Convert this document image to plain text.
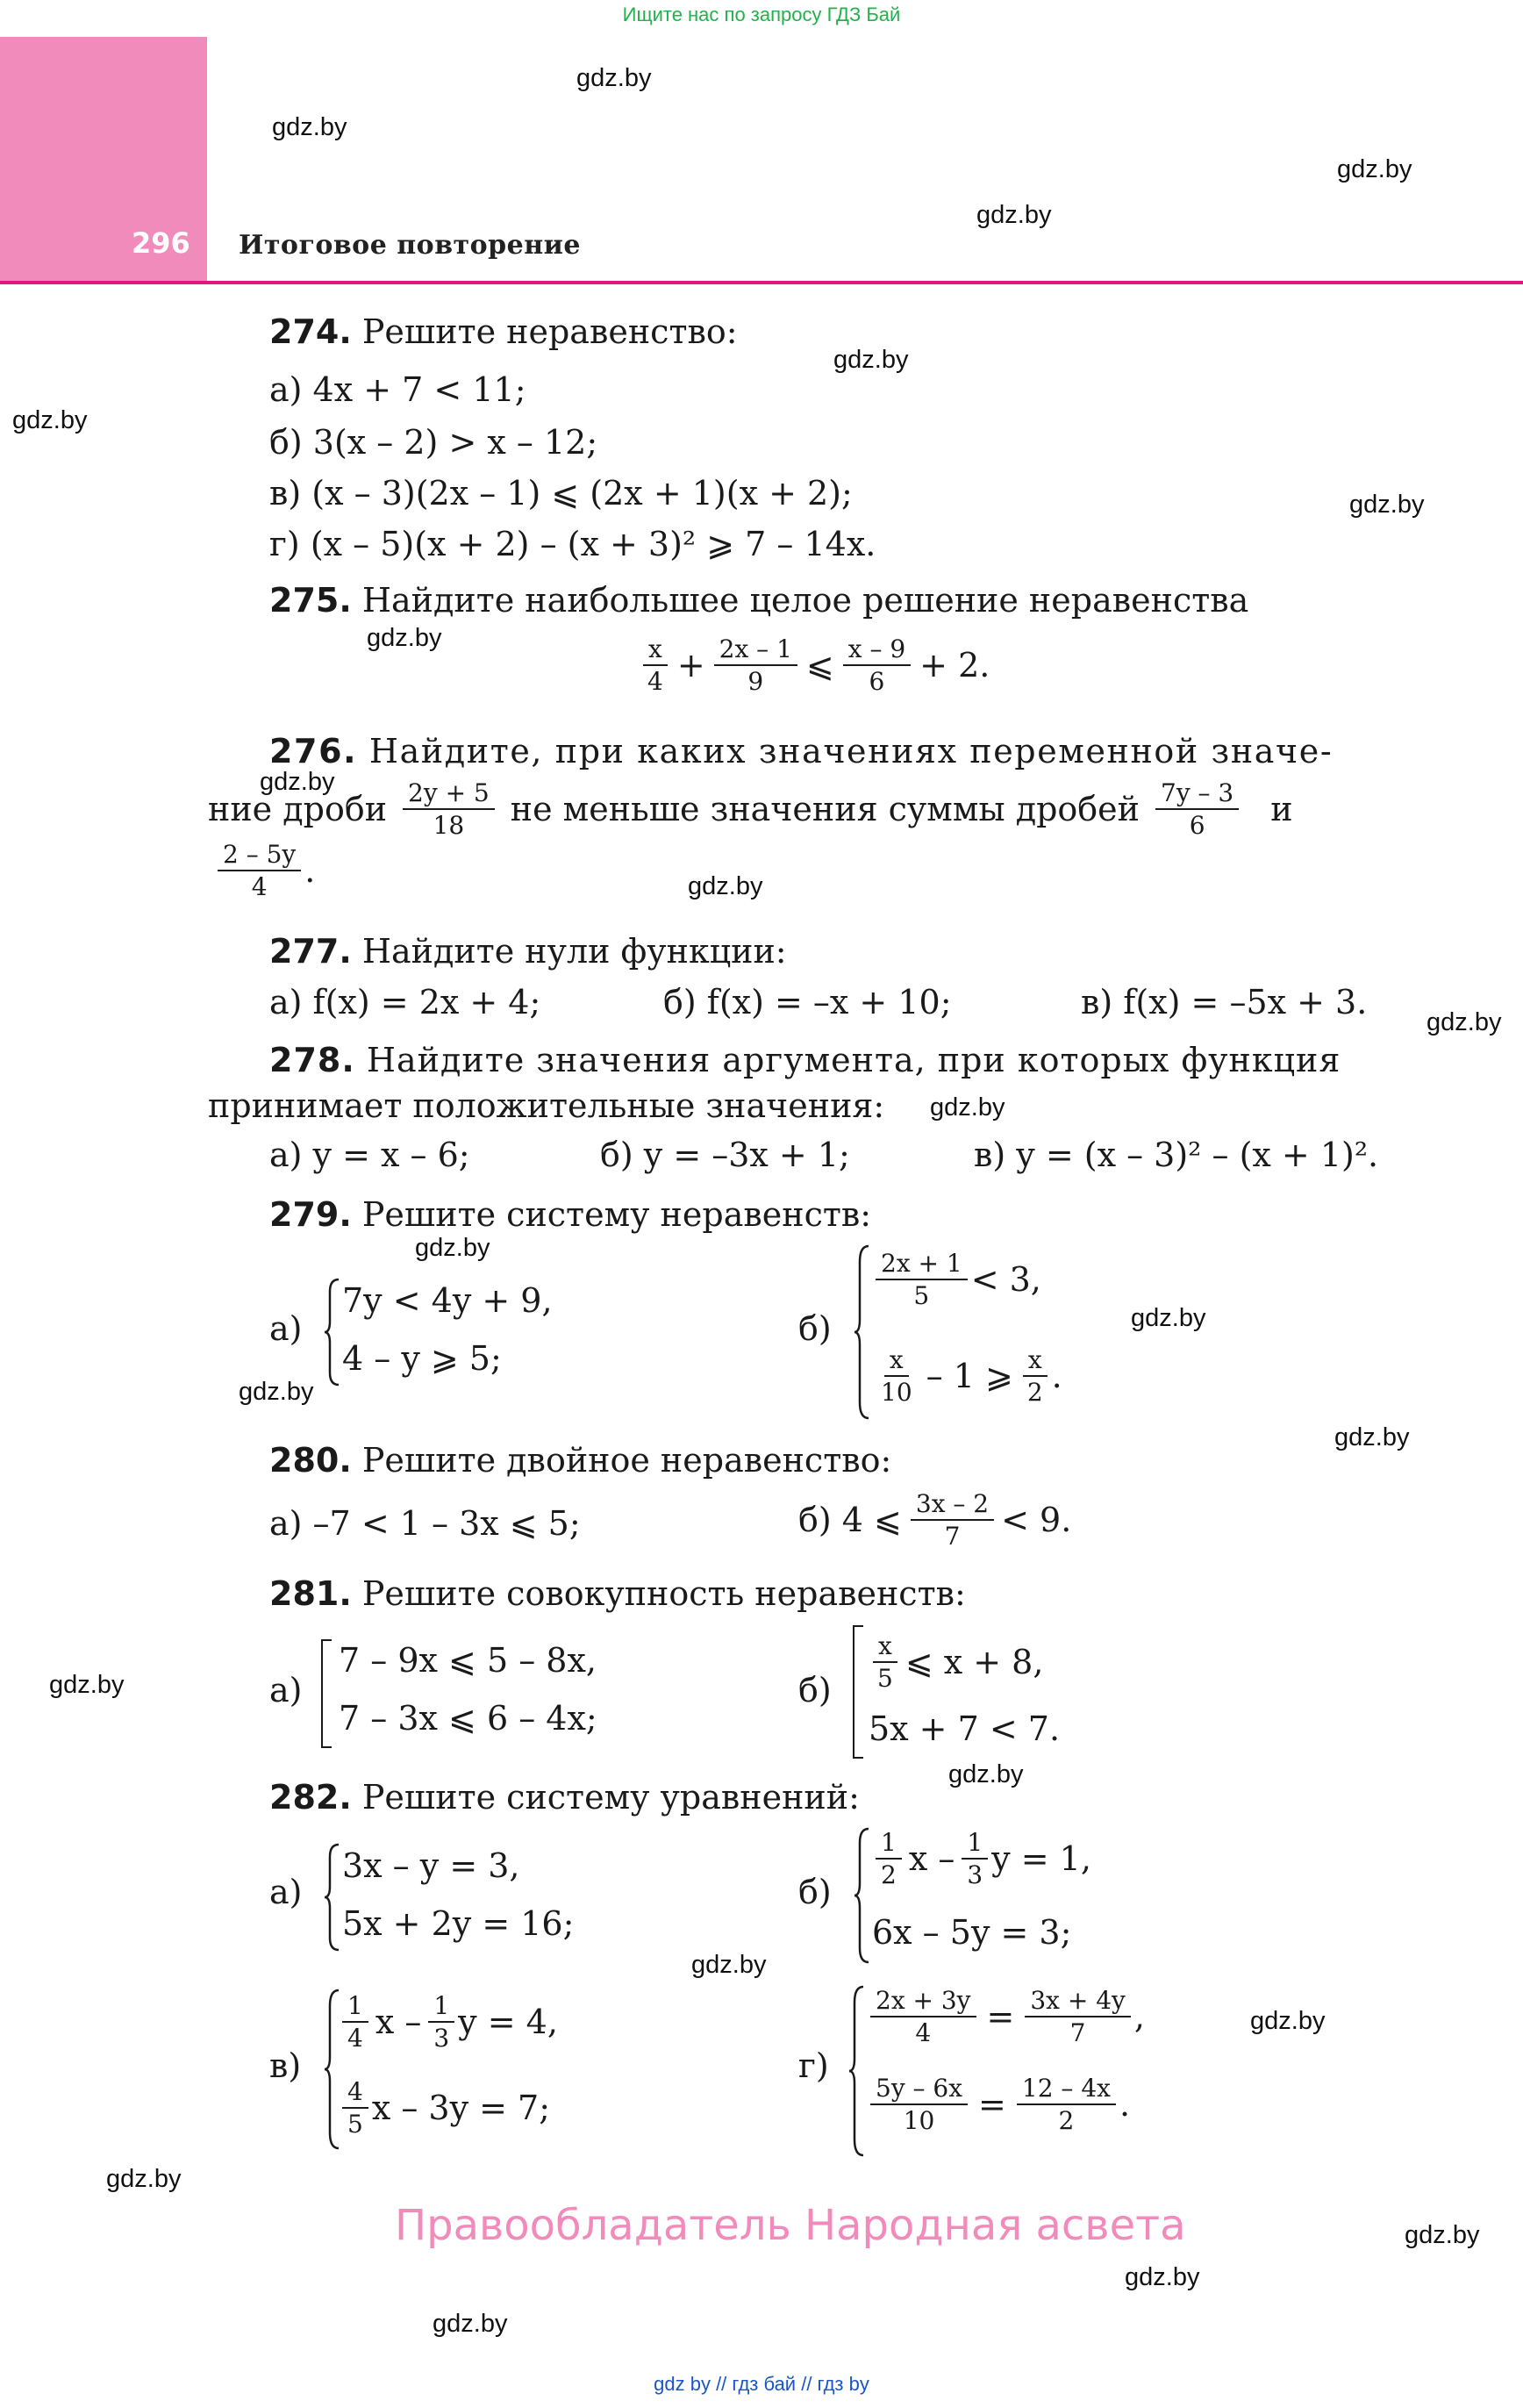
Ищите нас по запросу ГДЗ Бай
296 Итоговое повторение
gdz.by
gdz.by
gdz.by
gdz.by
gdz.by
gdz.by
gdz.by
gdz.by
gdz.by
gdz.by
gdz.by
gdz.by
gdz.by
gdz.by
gdz.by
gdz.by
gdz.by
gdz.by
gdz.by
gdz.by
gdz.by
gdz.by
gdz.by
gdz.by
274. Решите неравенство:
а) 4x + 7 < 11;
б) 3(x – 2) > x – 12;
в) (x – 3)(2x – 1) ⩽ (2x + 1)(x + 2);
г) (x – 5)(x + 2) – (x + 3)² ⩾ 7 – 14x.
275. Найдите наибольшее целое решение неравенства
$\frac{x}{4} + \frac{2x - 1}{9}$ ⩽ $\frac{x - 9}{6} + 2$.
276. Найдите, при каких значениях переменной значе-
ние дроби $\frac{2y + 5}{18}$ не меньше значения суммы дробей $\frac{7y - 3}{6}$ и
$\frac{2 - 5y}{4}$ .
277. Найдите нули функции:
а) f(x) = 2x + 4;	б) f(x) = –x + 10;	в) f(x) = –5x + 3.
278. Найдите значения аргумента, при которых функция
принимает положительные значения:
а) y = x – 6;	б) y = –3x + 1;	в) y = (x – 3)² – (x + 1)².
279. Решите систему неравенств:
а)
7y < 4y + 9,
4 – y ⩾ 5;
б)
$\frac{2x + 1}{5} < 3$,
$\frac{x}{10} - 1$ ⩾ $\frac{x}{2}$ .
280. Решите двойное неравенство:
а) –7 < 1 – 3x ⩽ 5;	б) 4 ⩽ $\frac{3x - 2}{7} < 9$.
281. Решите совокупность неравенств:
а)
7 – 9x ⩽ 5 – 8x,
7 – 3x ⩽ 6 – 4x;
$б) \frac{x}{5}$ ⩽ x + 8,
5x + 7 < 7.
282. Решите систему уравнений:
а)
3x – y = 3,
5x + 2y = 16;
б)
$\frac{1}{2}$ x – $\frac{1}{3}$ y = 1,
6x – 5y = 3;
в)
$\frac{1}{4}$ x – $\frac{1}{3}$ y = 4,
$\frac{4}{5}$ x – 3y = 7;
г)
$\frac{2x + 3y}{4} = \frac{3x + 4y}{7}$ ,
$\frac{5y - 6x}{10} = \frac{12 - 4x}{2}$ .
Правообладатель Народная асвета
gdz by // гдз бай // гдз by
